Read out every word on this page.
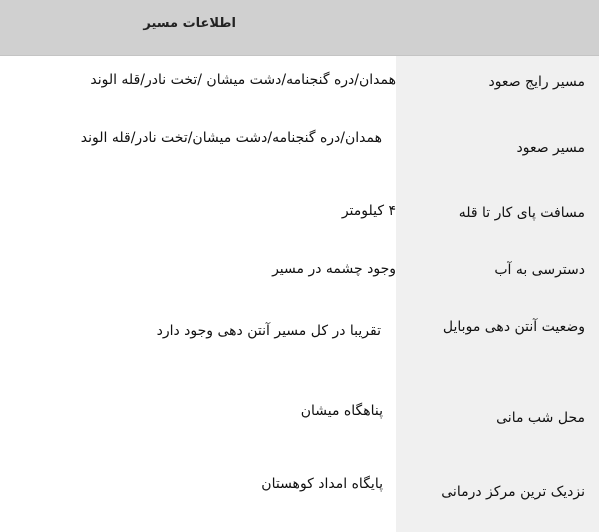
اطلاعات مسیر
مسیر رایج صعود
همدان/دره گنجنامه/دشت میشان /تخت نادر/قله الوند
مسیر صعود
همدان/دره گنجنامه/دشت میشان/تخت نادر/قله الوند
مسافت پای کار تا قله
۴ کیلومتر
دسترسی به آب
وجود چشمه در مسیر
وضعیت آنتن دهی موبایل
تقریبا در کل مسیر آنتن دهی وجود دارد
محل شب مانی
پناهگاه میشان
نزدیک ترین مرکز درمانی
پایگاه امداد کوهستان
